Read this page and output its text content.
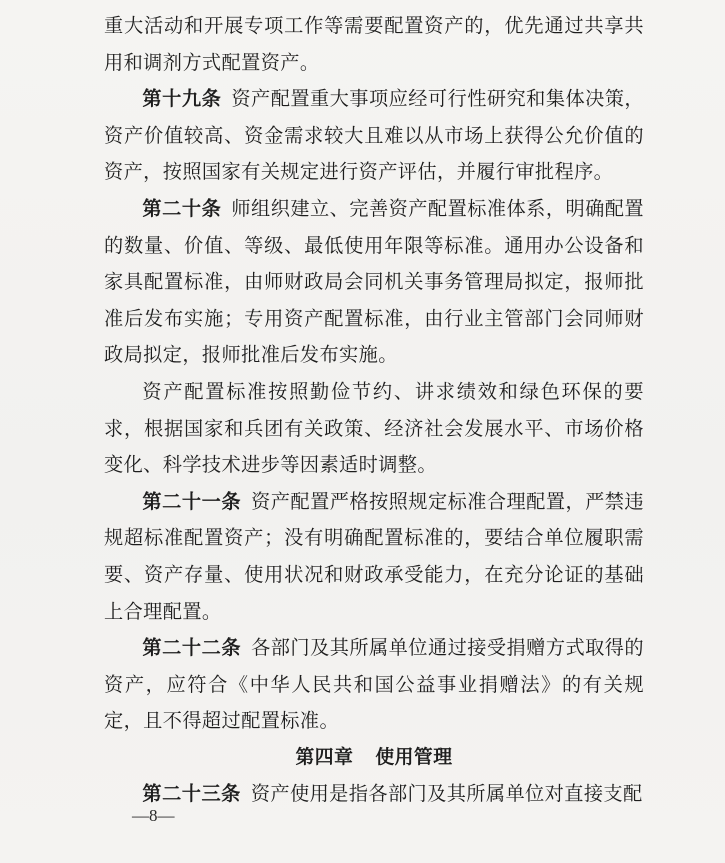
重大活动和开展专项工作等需要配置资产的，优先通过共享共用和调剂方式配置资产。

第十九条 资产配置重大事项应经可行性研究和集体决策，资产价值较高、资金需求较大且难以从市场上获得公允价值的资产，按照国家有关规定进行资产评估，并履行审批程序。

第二十条 师组织建立、完善资产配置标准体系，明确配置的数量、价值、等级、最低使用年限等标准。通用办公设备和家具配置标准，由师财政局会同机关事务管理局拟定，报师批准后发布实施；专用资产配置标准，由行业主管部门会同师财政局拟定，报师批准后发布实施。

资产配置标准按照勤俭节约、讲求绩效和绿色环保的要求，根据国家和兵团有关政策、经济社会发展水平、市场价格变化、科学技术进步等因素适时调整。

第二十一条 资产配置严格按照规定标准合理配置，严禁违规超标准配置资产；没有明确配置标准的，要结合单位履职需要、资产存量、使用状况和财政承受能力，在充分论证的基础上合理配置。

第二十二条 各部门及其所属单位通过接受捐赠方式取得的资产，应符合《中华人民共和国公益事业捐赠法》的有关规定，且不得超过配置标准。

第四章 使用管理

第二十三条 资产使用是指各部门及其所属单位对直接支配

—8—
